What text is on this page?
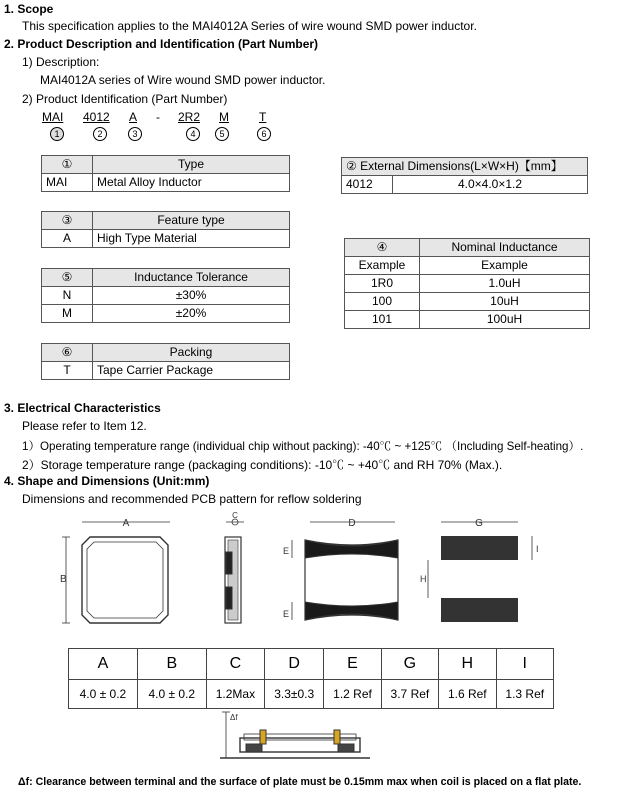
1. Scope
This specification applies to the MAI4012A Series of wire wound SMD power inductor.
2. Product Description and Identification (Part Number)
1) Description:
MAI4012A series of Wire wound SMD power inductor.
2) Product Identification (Part Number)
MAI 4012 A - 2R2 M	T
1	2	3	4	5	6
①	Type
MAI	Metal Alloy Inductor
② External Dimensions(L×W×H)【mm】
4012	4.0×4.0×1.2
③	Feature type
A	High Type Material
④	Nominal Inductance
Example	Example
1R0	1.0uH
100	10uH
101	100uH
⑤	Inductance Tolerance
N	±30%
M	±20%
⑥	Packing
T	Tape Carrier Package
3. Electrical Characteristics
Please refer to Item 12.
1）Operating temperature range (individual chip without packing): -40℃ ~ +125℃ （Including Self-heating）.
2）Storage temperature range (packaging conditions): -10℃ ~ +40℃ and RH 70% (Max.).
4. Shape and Dimensions (Unit:mm)
Dimensions and recommended PCB pattern for reflow soldering
A
B
C
D
E
E
G
H
I
A	B	C	D	E	G	H	I
4.0 ± 0.2	4.0 ± 0.2	1.2Max	3.3±0.3	1.2 Ref	3.7 Ref	1.6 Ref	1.3 Ref
Δf
Δf: Clearance between terminal and the surface of plate must be 0.15mm max when coil is placed on a flat plate.
